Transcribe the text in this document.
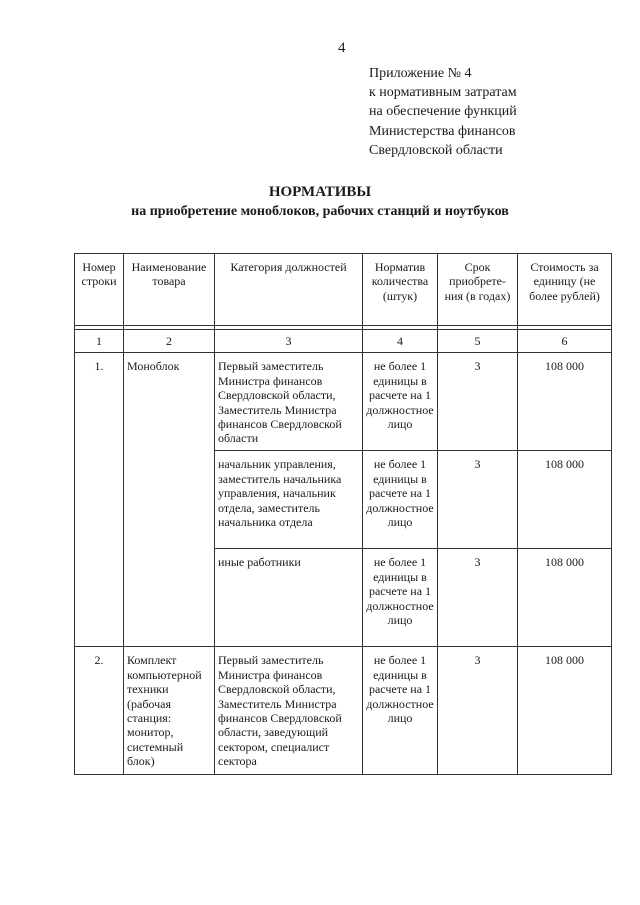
4
Приложение № 4
к нормативным затратам
на обеспечение функций
Министерства финансов
Свердловской области
НОРМАТИВЫ
на приобретение моноблоков, рабочих станций и ноутбуков
Номер строки	Наименование товара	Категория должностей	Норматив количества (штук)	Срок приобрете- ния (в годах)	Стоимость за единицу (не более рублей)

1	2	3	4	5	6
1.	Моноблок	Первый заместитель Министра финансов Свердловской области, Заместитель Министра финансов Свердловской области	не более 1 единицы в расчете на 1 должностное лицо	3	108 000
		начальник управления, заместитель начальника управления, начальник отдела, заместитель начальника отдела	не более 1 единицы в расчете на 1 должностное лицо	3	108 000
		иные работники	не более 1 единицы в расчете на 1 должностное лицо	3	108 000
2.	Комплект компьютерной техники (рабочая станция: монитор, системный блок)	Первый заместитель Министра финансов Свердловской области, Заместитель Министра финансов Свердловской области, заведующий сектором, специалист сектора	не более 1 единицы в расчете на 1 должностное лицо	3	108 000
